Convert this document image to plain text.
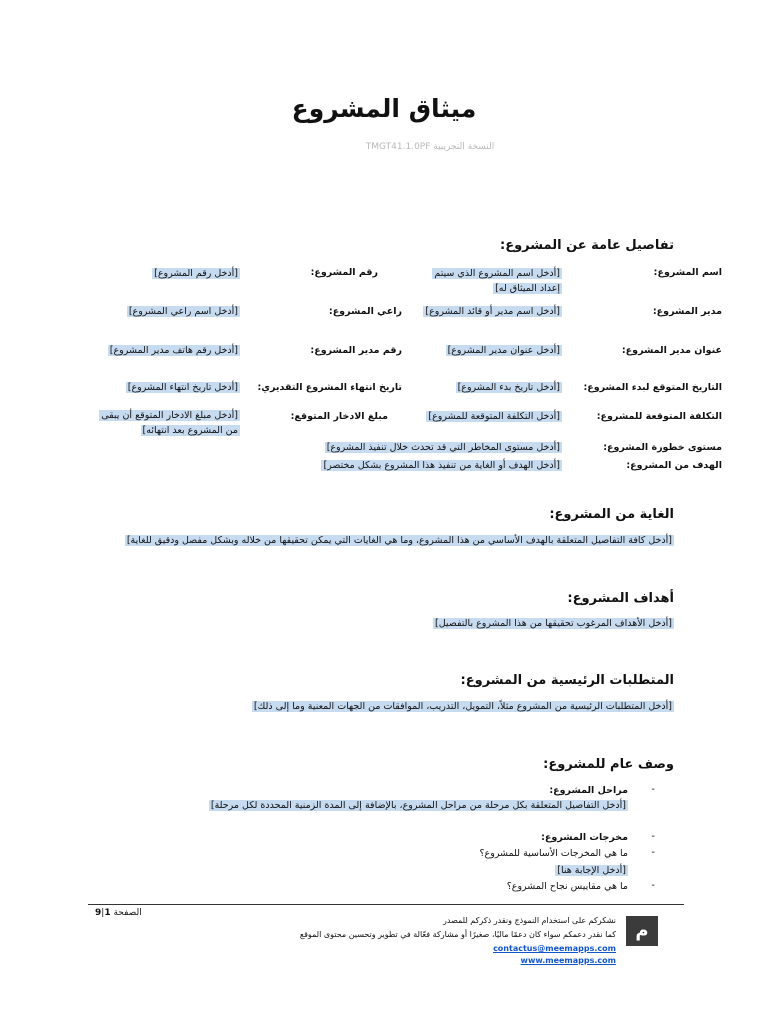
ميثاق المشروع
TMGT41.1.0PF النسخة التجريبية
تفاصيل عامة عن المشروع:
اسم المشروع:
[أدخل اسم المشروع الذي سيتم إعداد الميثاق له]
رقم المشروع:
[أدخل رقم المشروع]
مدير المشروع:
[أدخل اسم مدير أو قائد المشروع]
راعي المشروع:
[أدخل اسم راعي المشروع]
عنوان مدير المشروع:
[أدخل عنوان مدير المشروع]
رقم مدير المشروع:
[أدخل رقم هاتف مدير المشروع]
التاريخ المتوقع لبدء المشروع:
[أدخل تاريخ بدء المشروع]
تاريخ انتهاء المشروع التقديري:
[أدخل تاريخ انتهاء المشروع]
التكلفة المتوقعة للمشروع:
[أدخل التكلفة المتوقعة للمشروع]
مبلغ الادخار المتوقع:
[أدخل مبلغ الادخار المتوقع أن يبقى من المشروع بعد انتهائه]
مستوى خطورة المشروع:
[أدخل مستوى المخاطر التي قد تحدث خلال تنفيذ المشروع]
الهدف من المشروع:
[أدخل الهدف أو الغاية من تنفيذ هذا المشروع بشكل مختصر]
الغاية من المشروع:
[أدخل كافة التفاصيل المتعلقة بالهدف الأساسي من هذا المشروع، وما هي الغايات التي يمكن تحقيقها من خلاله وبشكل مفصل ودقيق للغاية]
أهداف المشروع:
[أدخل الأهداف المرغوب تحقيقها من هذا المشروع بالتفصيل]
المتطلبات الرئيسية من المشروع:
[أدخل المتطلبات الرئيسية من المشروع مثلاً، التمويل، التدريب، الموافقات من الجهات المعنية وما إلى ذلك]
وصف عام للمشروع:
-
مراحل المشروع:
[أدخل التفاصيل المتعلقة بكل مرحلة من مراحل المشروع، بالإضافة إلى المدة الزمنية المحددة لكل مرحلة]
-
مخرجات المشروع:
-
ما هي المخرجات الأساسية للمشروع؟
[أدخل الإجابة هنا]
-
ما هي مقاييس نجاح المشروع؟
الصفحة 1|9
م
نشكركم على استخدام النموذج ونقدر ذكركم للمصدر
كما نقدر دعمكم سواء كان دعمًا ماليًا، صغيرًا أو مشاركة فعّالة في تطوير وتحسين محتوى الموقع
contactus@meemapps.com
www.meemapps.com
